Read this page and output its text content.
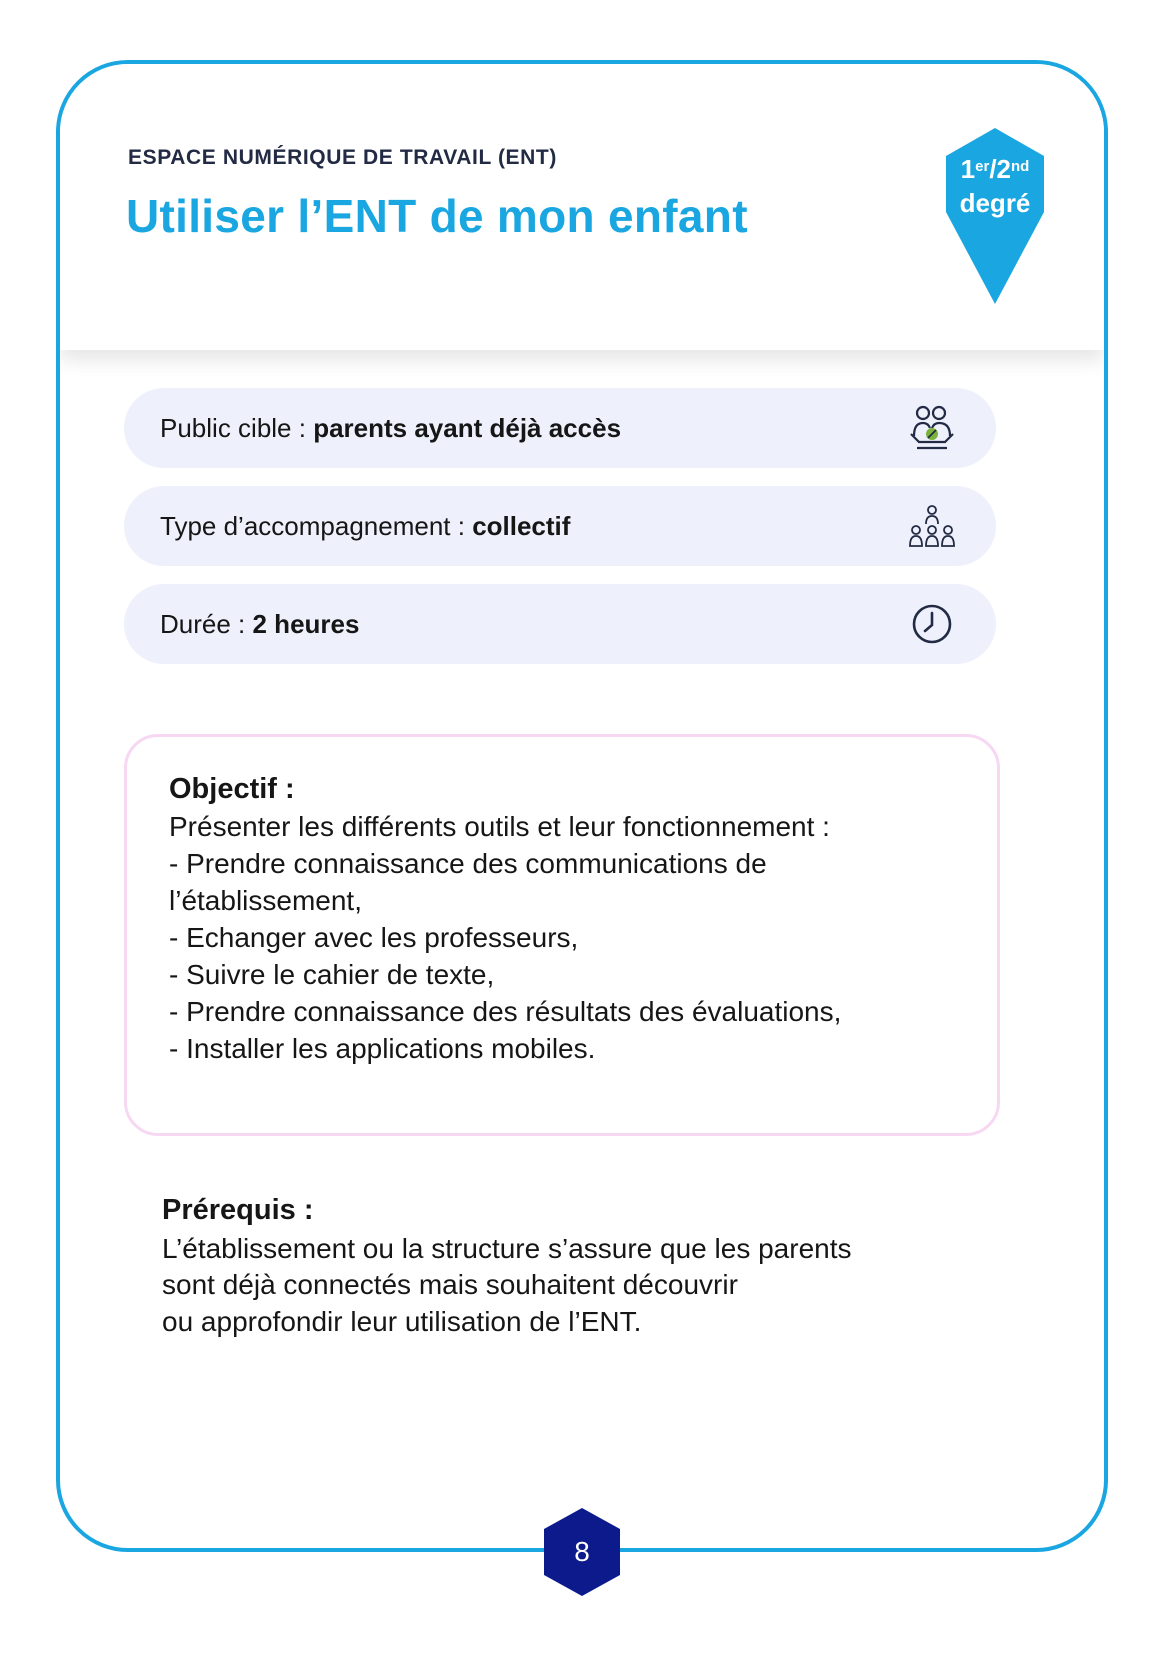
ESPACE NUMÉRIQUE DE TRAVAIL (ENT)
Utiliser l’ENT de mon enfant
1er/2nd
degré
Public cible : parents ayant déjà accès
Type d’accompagnement : collectif
Durée : 2 heures
Objectif :
Présenter les différents outils et leur fonctionnement :
- Prendre connaissance des communications de
l’établissement,
- Echanger avec les professeurs,
- Suivre le cahier de texte,
- Prendre connaissance des résultats des évaluations,
- Installer les applications mobiles.
Prérequis :
L’établissement ou la structure s’assure que les parents
sont déjà connectés mais souhaitent découvrir
ou approfondir leur utilisation de l’ENT.
8
